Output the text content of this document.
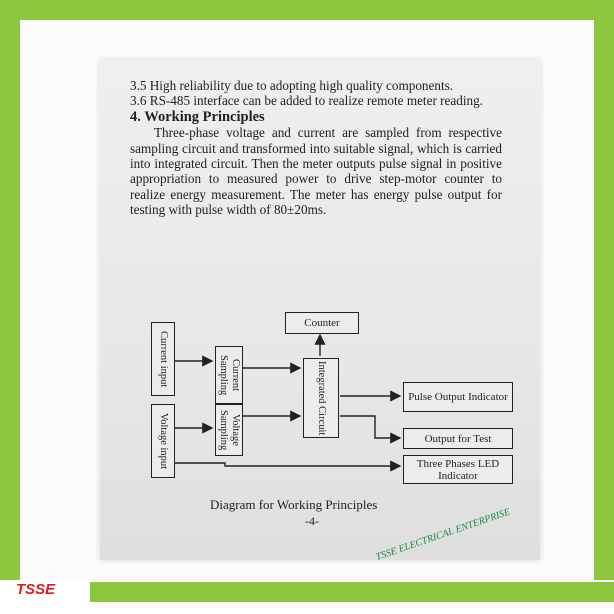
TSSE

3.5 High reliability due to adopting high quality components.

3.6 RS-485 interface can be added to realize remote meter reading.

4. Working Principles

Three-phase voltage and current are sampled from respective sampling circuit and transformed into suitable signal, which is carried into integrated circuit. Then the meter outputs pulse signal in positive appropriation to measured power to drive step-motor counter to realize energy measurement. The meter has energy pulse output for testing with pulse width of 80±20ms.

Current input
Voltage input
Current Sampling
Voltage Sampling	Integrated Circuit
Counter
Pulse Output Indicator
Output for Test
Three Phases LED Indicator
Diagram for Working Principles
-4-	TSSE ELECTRICAL ENTERPRISE
